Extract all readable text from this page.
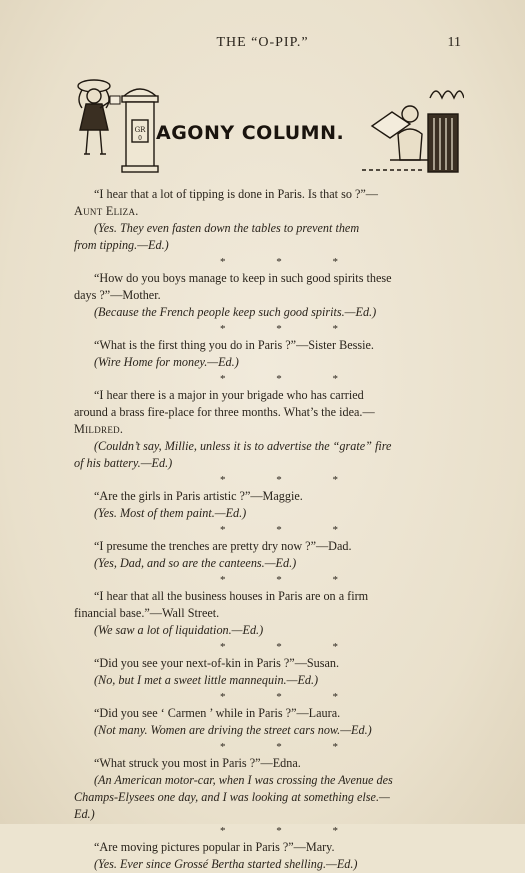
THE “O-PIP.”	11
GR
0 AGONY COLUMN.
“I hear that a lot of tipping is done in Paris. Is that so ?”—
Aunt Eliza.
(Yes. They even fasten down the tables to prevent them
from tipping.—Ed.)
* * *
“How do you boys manage to keep in such good spirits these
days ?”—Mother.
(Because the French people keep such good spirits.—Ed.)
* * *
“What is the first thing you do in Paris ?”—Sister Bessie.
(Wire Home for money.—Ed.)
* * *
“I hear there is a major in your brigade who has carried
around a brass fire-place for three months. What’s the idea.—
Mildred.
(Couldn’t say, Millie, unless it is to advertise the “grate” fire
of his battery.—Ed.)
* * *
“Are the girls in Paris artistic ?”—Maggie.
(Yes. Most of them paint.—Ed.)
* * *
“I presume the trenches are pretty dry now ?”—Dad.
(Yes, Dad, and so are the canteens.—Ed.)
* * *
“I hear that all the business houses in Paris are on a firm
financial base.”—Wall Street.
(We saw a lot of liquidation.—Ed.)
* * *
“Did you see your next-of-kin in Paris ?”—Susan.
(No, but I met a sweet little mannequin.—Ed.)
* * *
“Did you see ‘ Carmen ’ while in Paris ?”—Laura.
(Not many. Women are driving the street cars now.—Ed.)
* * *
“What struck you most in Paris ?”—Edna.
(An American motor-car, when I was crossing the Avenue des
Champs-Elysees one day, and I was looking at something else.—
Ed.)
* * *
“Are moving pictures popular in Paris ?”—Mary.
(Yes. Ever since Grossé Bertha started shelling.—Ed.)
